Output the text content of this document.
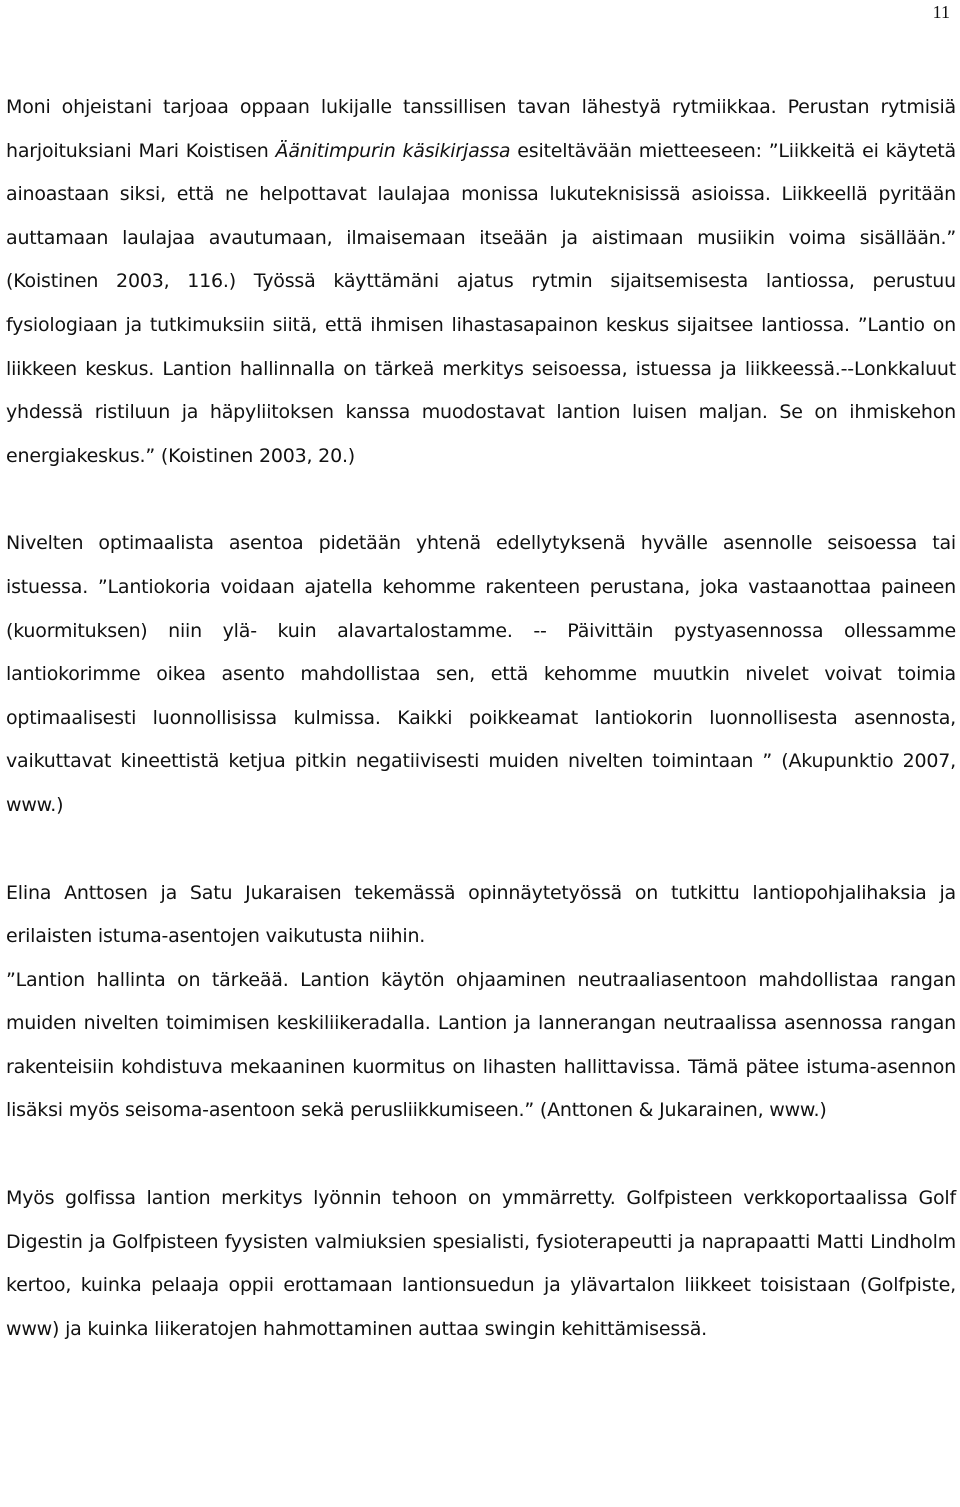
11

Moni ohjeistani tarjoaa oppaan lukijalle tanssillisen tavan lähestyä rytmiikkaa. Perustan rytmisiä harjoituksiani Mari Koistisen Äänitimpurin käsikirjassa esiteltävään mietteeseen: ”Liikkeitä ei käytetä ainoastaan siksi, että ne helpottavat laulajaa monissa lukuteknisissä asioissa. Liikkeellä pyritään auttamaan laulajaa avautumaan, ilmaisemaan itseään ja aistimaan musiikin voima sisällään.” (Koistinen 2003, 116.) Työssä käyttämäni ajatus rytmin sijaitsemisesta lantiossa, perustuu fysiologiaan ja tutkimuksiin siitä, että ihmisen lihastasapainon keskus sijaitsee lantiossa. ”Lantio on liikkeen keskus. Lantion hallinnalla on tärkeä merkitys seisoessa, istuessa ja liikkeessä.--Lonkkaluut yhdessä ristiluun ja häpyliitoksen kanssa muodostavat lantion luisen maljan. Se on ihmiskehon energiakeskus.” (Koistinen 2003, 20.)

Nivelten optimaalista asentoa pidetään yhtenä edellytyksenä hyvälle asennolle seisoessa tai istuessa. ”Lantiokoria voidaan ajatella kehomme rakenteen perustana, joka vastaanottaa paineen (kuormituksen) niin ylä- kuin alavartalostamme. -- Päivittäin pystyasennossa ollessamme lantiokorimme oikea asento mahdollistaa sen, että kehomme muutkin nivelet voivat toimia optimaalisesti luonnollisissa kulmissa. Kaikki poikkeamat lantiokorin luonnollisesta asennosta, vaikuttavat kineettistä ketjua pitkin negatiivisesti muiden nivelten toimintaan ” (Akupunktio 2007, www.)

Elina Anttosen ja Satu Jukaraisen tekemässä opinnäytetyössä on tutkittu lantiopohjalihaksia ja erilaisten istuma-asentojen vaikutusta niihin.

”Lantion hallinta on tärkeää. Lantion käytön ohjaaminen neutraaliasentoon mahdollistaa rangan muiden nivelten toimimisen keskiliikeradalla. Lantion ja lannerangan neutraalissa asennossa rangan rakenteisiin kohdistuva mekaaninen kuormitus on lihasten hallittavissa. Tämä pätee istuma-asennon lisäksi myös seisoma-asentoon sekä perusliikkumiseen.” (Anttonen & Jukarainen, www.)

Myös golfissa lantion merkitys lyönnin tehoon on ymmärretty. Golfpisteen verkkoportaalissa Golf Digestin ja Golfpisteen fyysisten valmiuksien spesialisti, fysioterapeutti ja naprapaatti Matti Lindholm kertoo, kuinka pelaaja oppii erottamaan lantionsuedun ja ylävartalon liikkeet toisistaan (Golfpiste, www) ja kuinka liikeratojen hahmottaminen auttaa swingin kehittämisessä.
